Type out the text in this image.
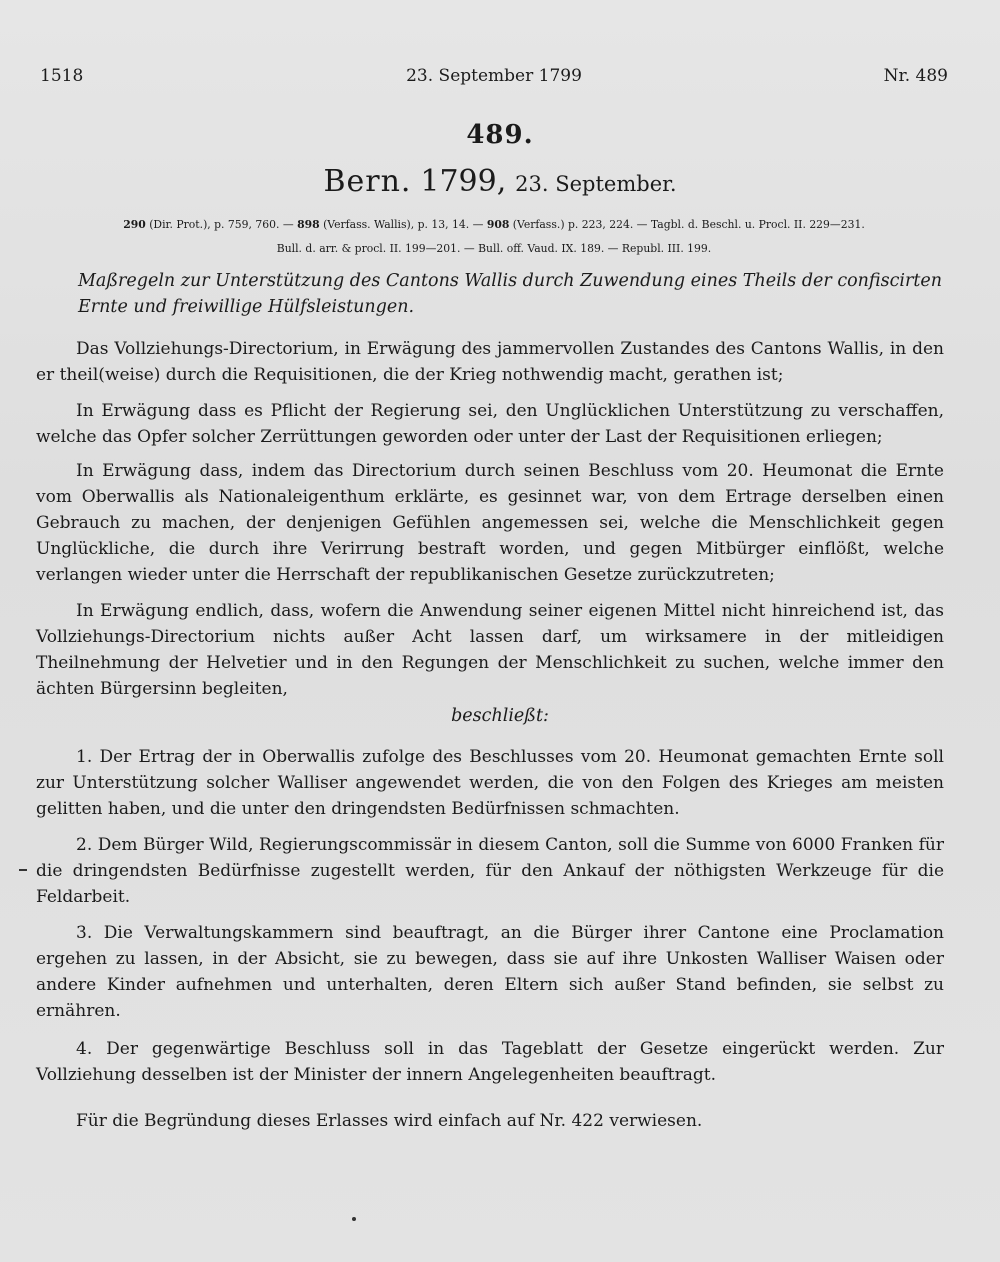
1518	23. September 1799	Nr. 489
489.
Bern. 1799, 23. September.
290 (Dir. Prot.), p. 759, 760. — 898 (Verfass. Wallis), p. 13, 14. — 908 (Verfass.) p. 223, 224. — Tagbl. d. Beschl. u. Procl. II. 229—231.
Bull. d. arr. & procl. II. 199—201. — Bull. off. Vaud. IX. 189. — Republ. III. 199.
Maßregeln zur Unterstützung des Cantons Wallis durch Zuwendung eines Theils der confiscirten Ernte und freiwillige Hülfsleistungen.
Das Vollziehungs-Directorium, in Erwägung des jammervollen Zustandes des Cantons Wallis, in den er theil(weise) durch die Requisitionen, die der Krieg nothwendig macht, gerathen ist;
In Erwägung dass es Pflicht der Regierung sei, den Unglücklichen Unterstützung zu verschaffen, welche das Opfer solcher Zerrüttungen geworden oder unter der Last der Requisitionen erliegen;
In Erwägung dass, indem das Directorium durch seinen Beschluss vom 20. Heumonat die Ernte vom Oberwallis als Nationaleigenthum erklärte, es gesinnet war, von dem Ertrage derselben einen Gebrauch zu machen, der denjenigen Gefühlen angemessen sei, welche die Menschlichkeit gegen Unglückliche, die durch ihre Verirrung bestraft worden, und gegen Mitbürger einflößt, welche verlangen wieder unter die Herrschaft der republikanischen Gesetze zurückzutreten;
In Erwägung endlich, dass, wofern die Anwendung seiner eigenen Mittel nicht hinreichend ist, das Vollziehungs-Directorium nichts außer Acht lassen darf, um wirksamere in der mitleidigen Theilnehmung der Helvetier und in den Regungen der Menschlichkeit zu suchen, welche immer den ächten Bürgersinn begleiten,
beschließt:
1. Der Ertrag der in Oberwallis zufolge des Beschlusses vom 20. Heumonat gemachten Ernte soll zur Unterstützung solcher Walliser angewendet werden, die von den Folgen des Krieges am meisten gelitten haben, und die unter den dringendsten Bedürfnissen schmachten.
2. Dem Bürger Wild, Regierungscommissär in diesem Canton, soll die Summe von 6000 Franken für die dringendsten Bedürfnisse zugestellt werden, für den Ankauf der nöthigsten Werkzeuge für die Feldarbeit.
3. Die Verwaltungskammern sind beauftragt, an die Bürger ihrer Cantone eine Proclamation ergehen zu lassen, in der Absicht, sie zu bewegen, dass sie auf ihre Unkosten Walliser Waisen oder andere Kinder aufnehmen und unterhalten, deren Eltern sich außer Stand befinden, sie selbst zu ernähren.
4. Der gegenwärtige Beschluss soll in das Tageblatt der Gesetze eingerückt werden. Zur Vollziehung desselben ist der Minister der innern Angelegenheiten beauftragt.
Für die Begründung dieses Erlasses wird einfach auf Nr. 422 verwiesen.
